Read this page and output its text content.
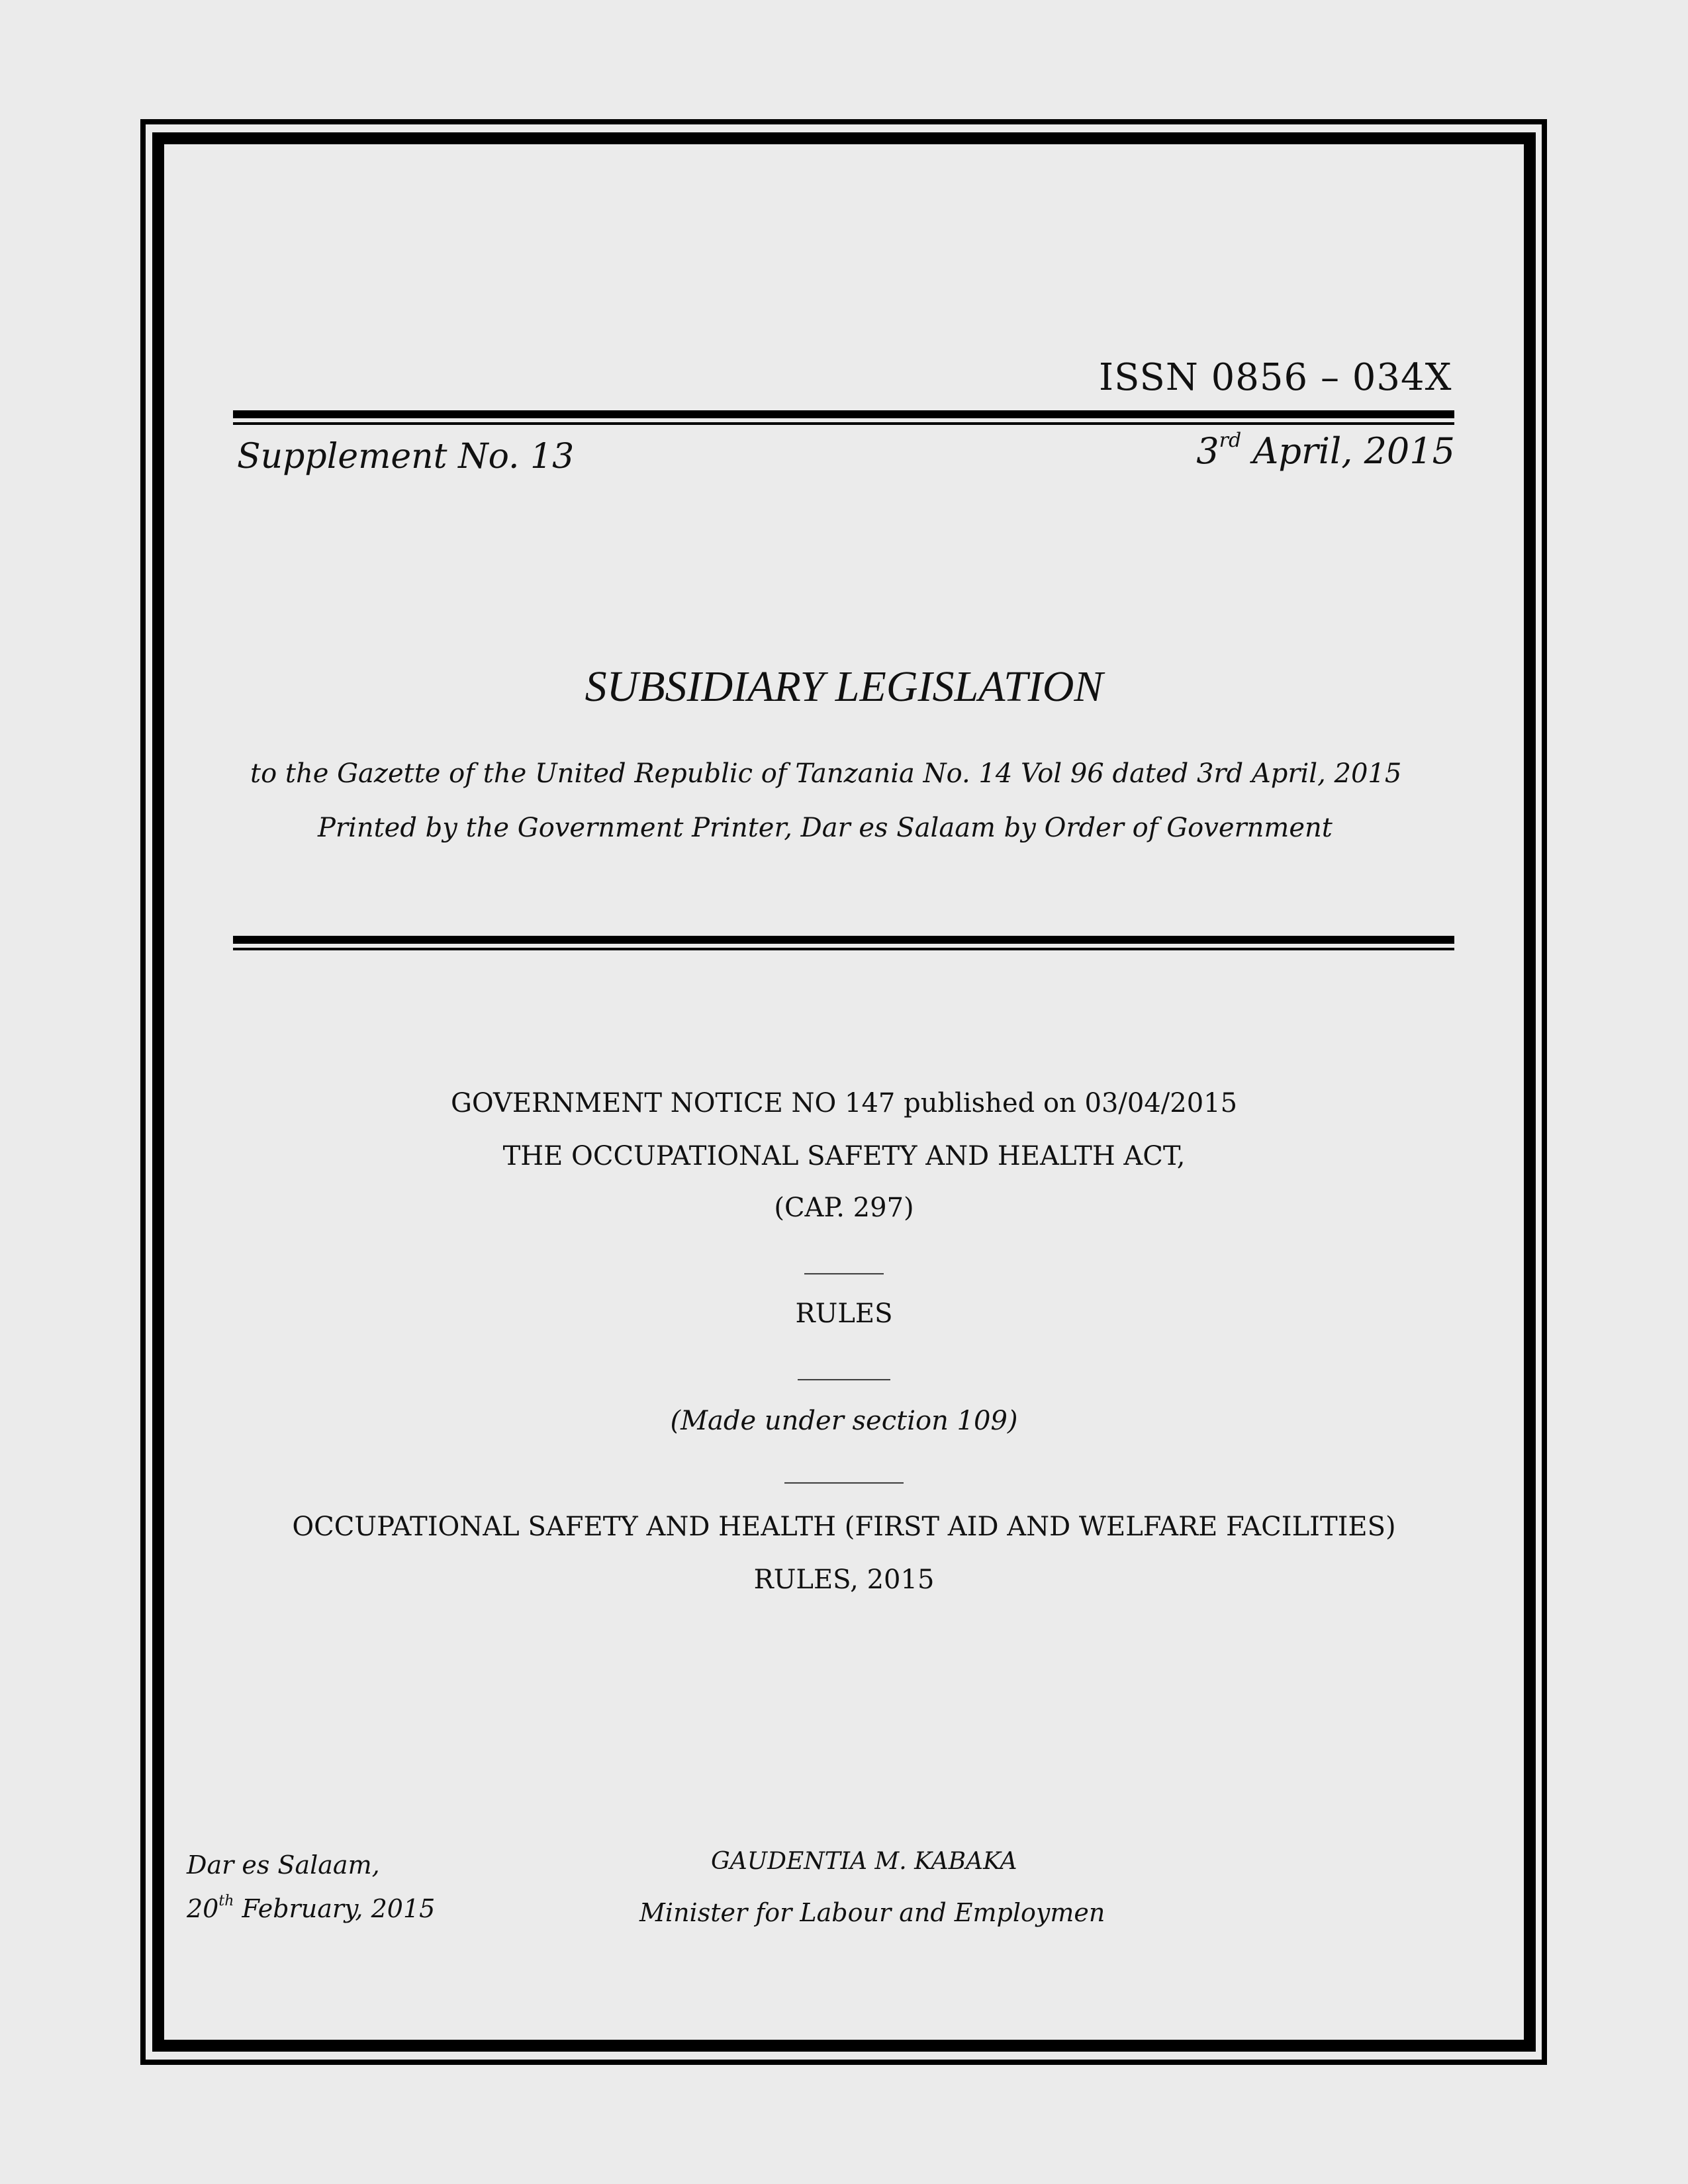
ISSN 0856 – 034X
Supplement No. 13	3rd April, 2015
SUBSIDIARY LEGISLATION
to the Gazette of the United Republic of Tanzania No. 14 Vol 96 dated 3rd April, 2015
Printed by the Government Printer, Dar es Salaam by Order of Government
GOVERNMENT NOTICE NO 147 published on 03/04/2015
THE OCCUPATIONAL SAFETY AND HEALTH ACT,
(CAP. 297)
______
RULES
_______
(Made under section 109)
_________
OCCUPATIONAL SAFETY AND HEALTH (FIRST AID AND WELFARE FACILITIES)
RULES, 2015
Dar es Salaam,
20th February, 2015
GAUDENTIA M. KABAKA
Minister for Labour and Employmen
